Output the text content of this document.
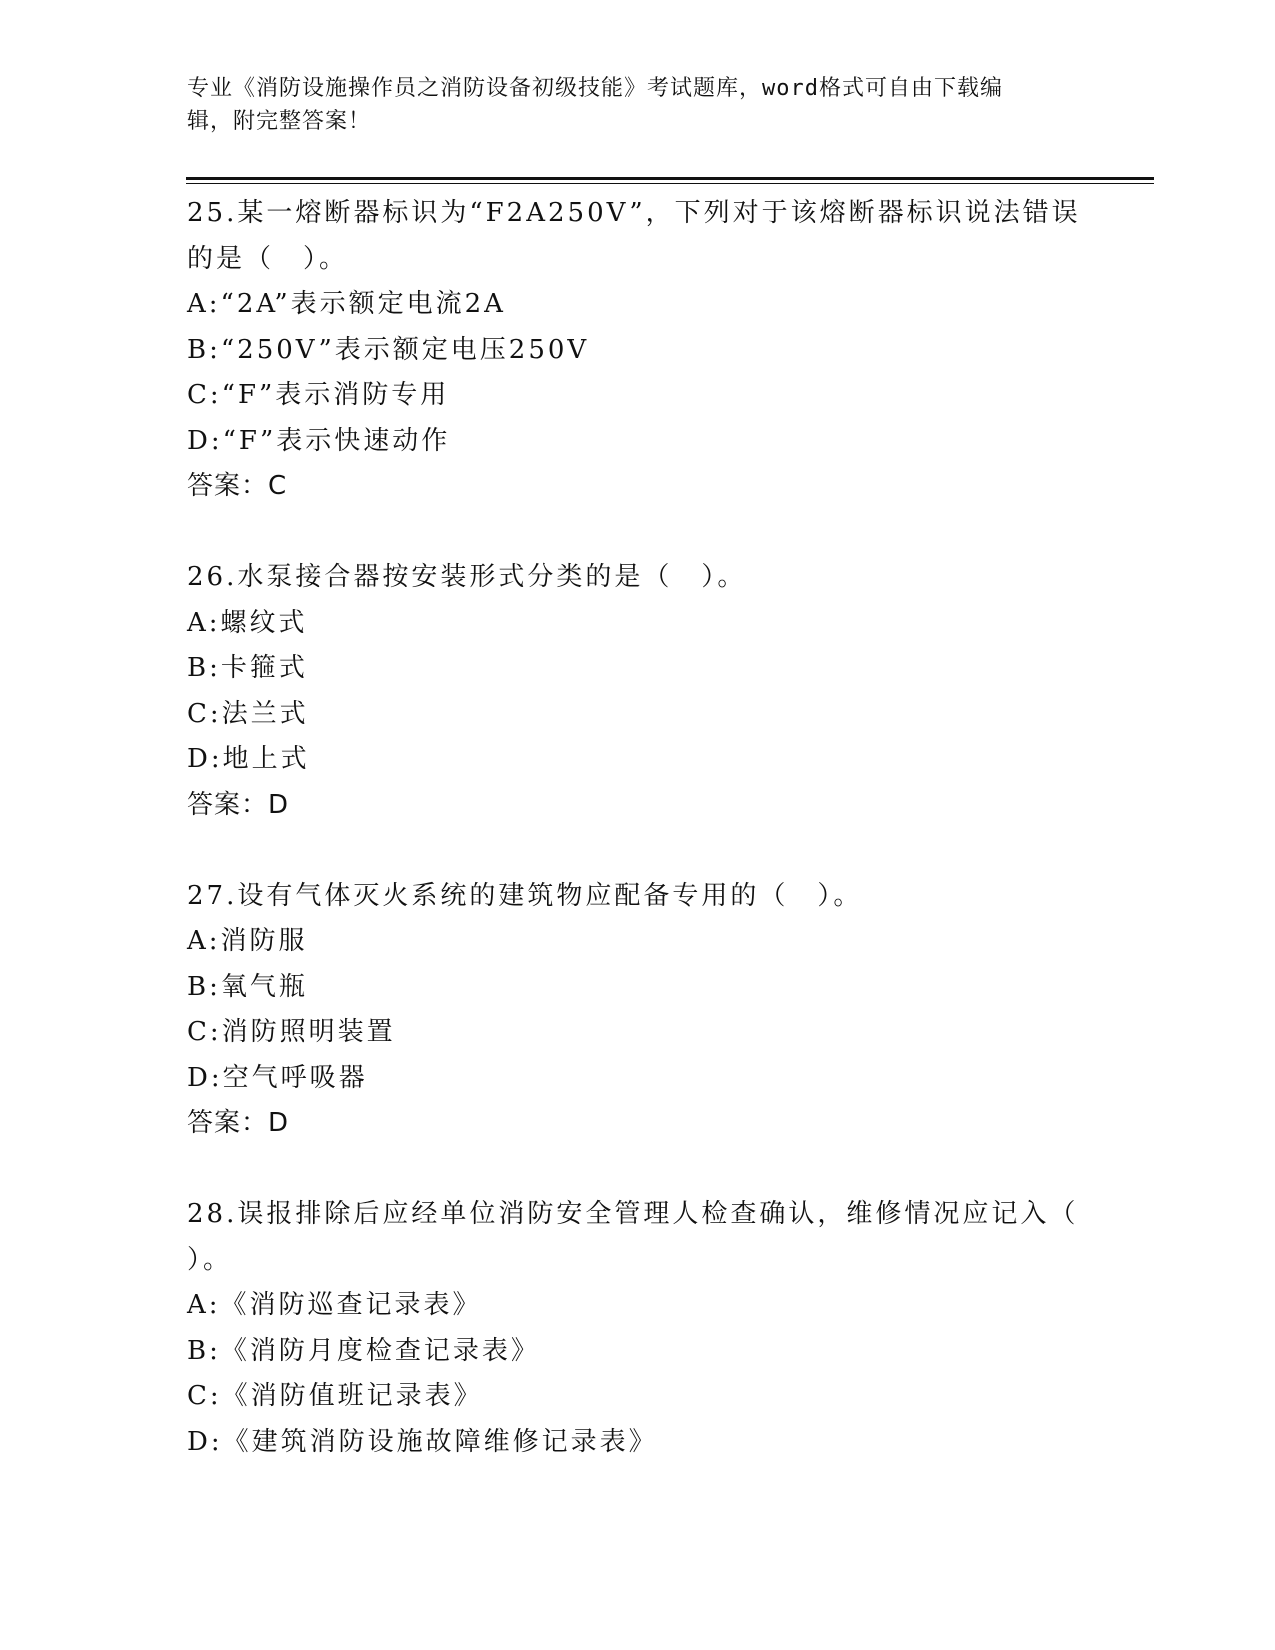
专业《消防设施操作员之消防设备初级技能》考试题库，word格式可自由下载编
辑，附完整答案！
25.某一熔断器标识为“F2A250V”，下列对于该熔断器标识说法错误
的是（　）。
A:“2A”表示额定电流2A
B:“250V”表示额定电压250V
C:“F”表示消防专用
D:“F”表示快速动作
答案：C
26.水泵接合器按安装形式分类的是（　）。
A:螺纹式
B:卡箍式
C:法兰式
D:地上式
答案：D
27.设有气体灭火系统的建筑物应配备专用的（　）。
A:消防服
B:氧气瓶
C:消防照明装置
D:空气呼吸器
答案：D
28.误报排除后应经单位消防安全管理人检查确认，维修情况应记入（
）。
A:《消防巡查记录表》
B:《消防月度检查记录表》
C:《消防值班记录表》
D:《建筑消防设施故障维修记录表》
